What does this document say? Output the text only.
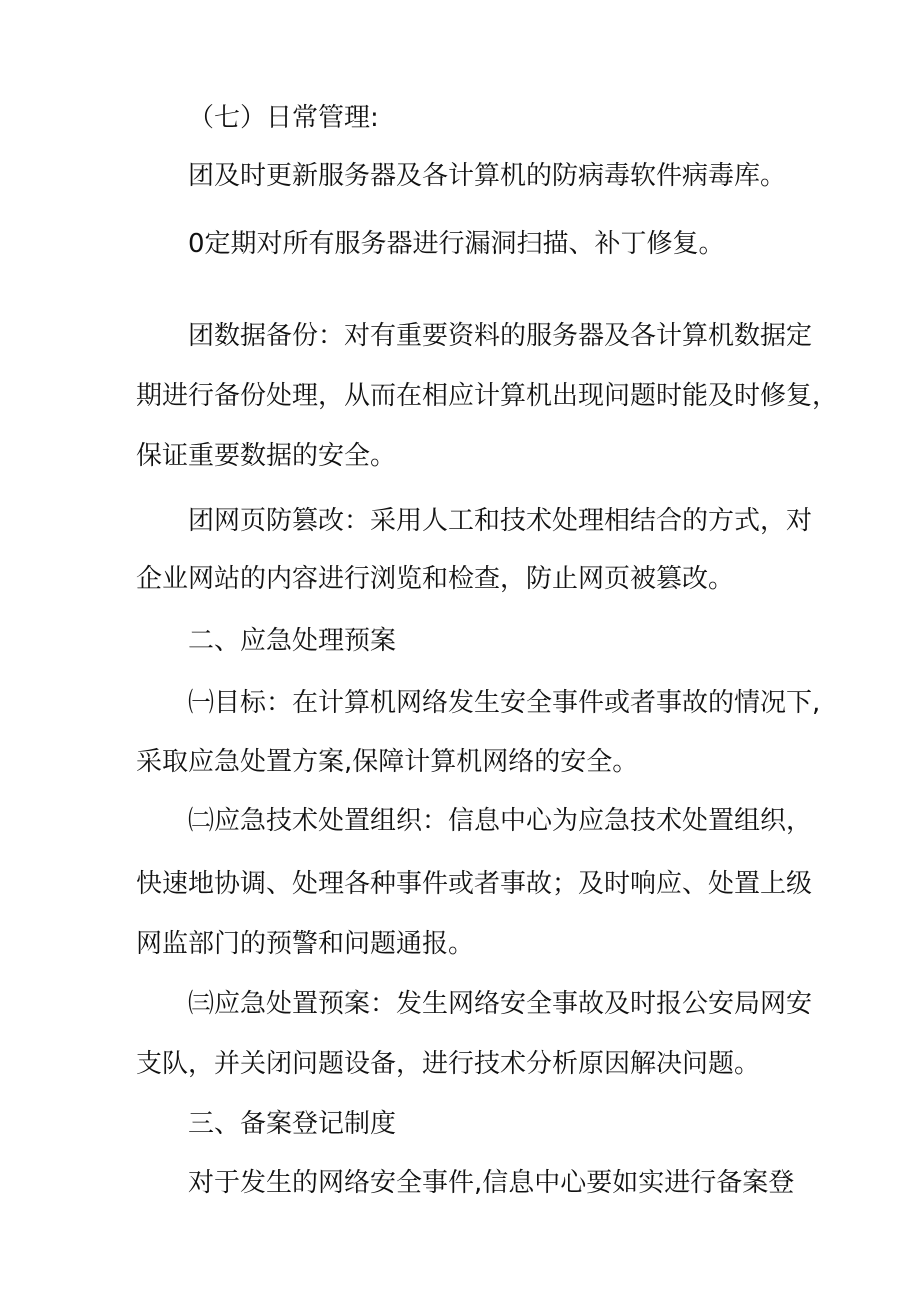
（七）日常管理:
团及时更新服务器及各计算机的防病毒软件病毒库。
0定期对所有服务器进行漏洞扫描、补丁修复。
团数据备份：对有重要资料的服务器及各计算机数据定
期进行备份处理，从而在相应计算机出现问题时能及时修复，
保证重要数据的安全。
团网页防篡改：采用人工和技术处理相结合的方式，对
企业网站的内容进行浏览和检查，防止网页被篡改。
二、应急处理预案
㈠目标：在计算机网络发生安全事件或者事故的情况下,
采取应急处置方案,保障计算机网络的安全。
㈡应急技术处置组织：信息中心为应急技术处置组织，
快速地协调、处理各种事件或者事故；及时响应、处置上级
网监部门的预警和问题通报。
㈢应急处置预案：发生网络安全事故及时报公安局网安
支队，并关闭问题设备，进行技术分析原因解决问题。
三、备案登记制度
对于发生的网络安全事件,信息中心要如实进行备案登
